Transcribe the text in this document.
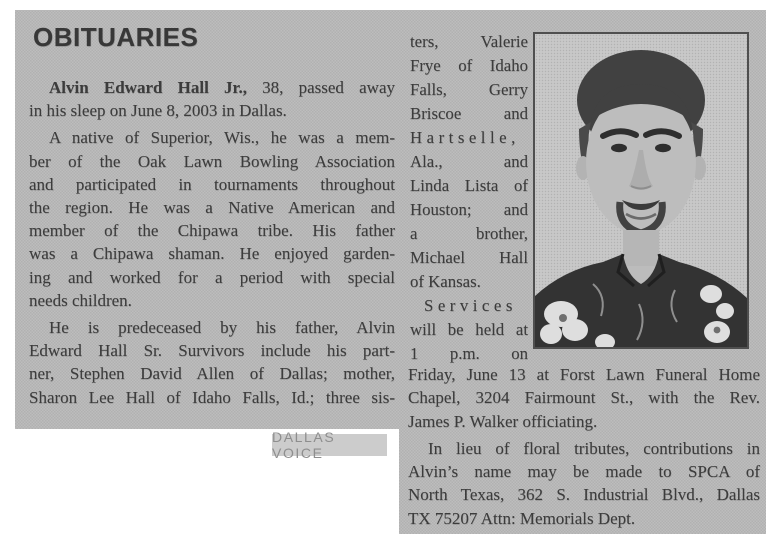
OBITUARIES
Alvin Edward Hall Jr., 38, passed away
in his sleep on June 8, 2003 in Dallas.
A native of Superior, Wis., he was a mem-
ber of the Oak Lawn Bowling Association
and participated in tournaments throughout
the region. He was a Native American and
member of the Chipawa tribe. His father
was a Chipawa shaman. He enjoyed garden-
ing and worked for a period with special
needs children.
He is predeceased by his father, Alvin
Edward Hall Sr. Survivors include his part-
ner, Stephen David Allen of Dallas; mother,
Sharon Lee Hall of Idaho Falls, Id.; three sis-
ters, Valerie
Frye of Idaho
Falls, Gerry
Briscoe and
Hartselle,
Ala., and
Linda Lista of
Houston; and
a brother,
Michael Hall
of Kansas.
Services
will be held at
1 p.m. on
Friday, June 13 at Forst Lawn Funeral Home
Chapel, 3204 Fairmount St., with the Rev.
James P. Walker officiating.
In lieu of floral tributes, contributions in
Alvin’s name may be made to SPCA of
North Texas, 362 S. Industrial Blvd., Dallas
TX 75207 Attn: Memorials Dept.
DALLAS VOICE
